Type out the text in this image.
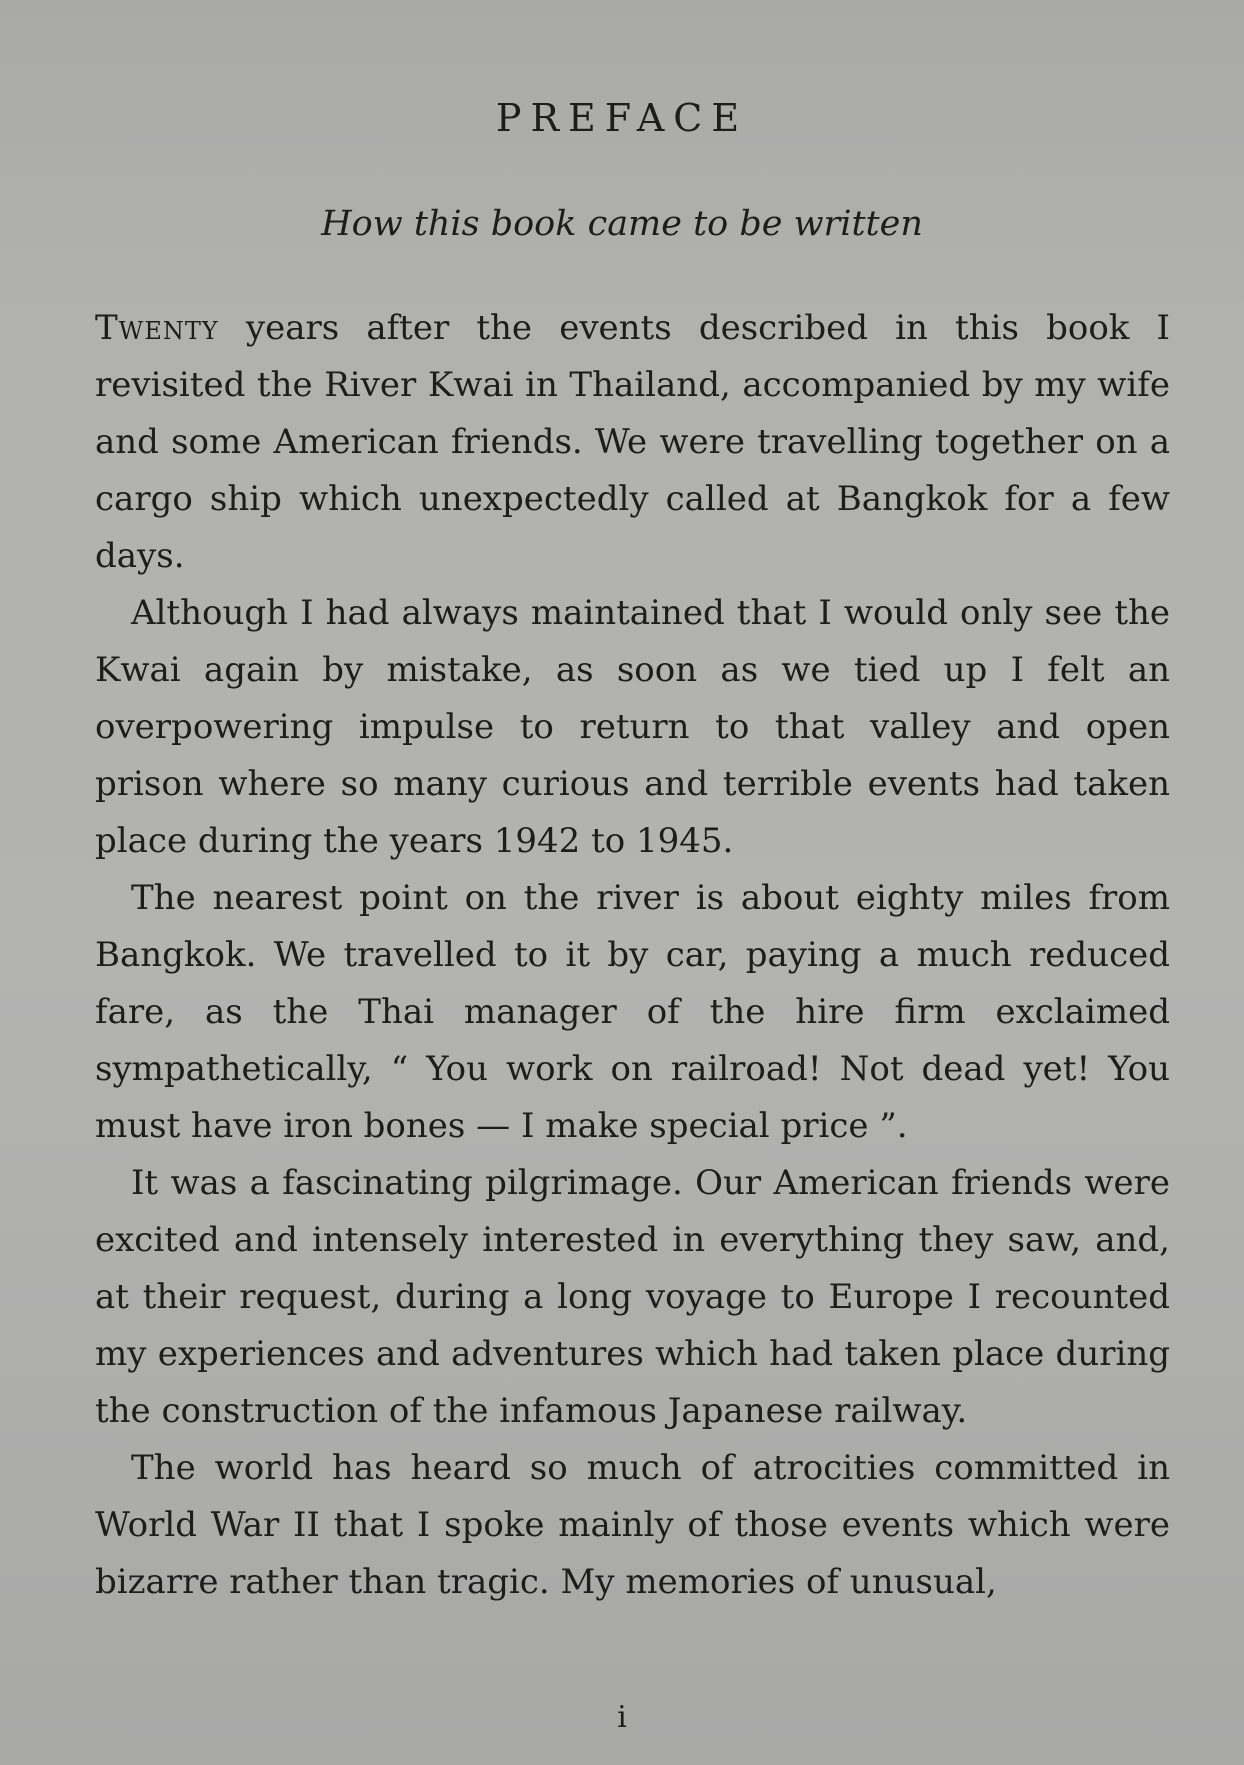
PREFACE
How this book came to be written

Twenty years after the events described in this book I revisited the River Kwai in Thailand, accompanied by my wife and some American friends. We were travelling together on a cargo ship which unexpectedly called at Bangkok for a few days.

Although I had always maintained that I would only see the Kwai again by mistake, as soon as we tied up I felt an overpowering impulse to return to that valley and open prison where so many curious and terrible events had taken place during the years 1942 to 1945.

The nearest point on the river is about eighty miles from Bangkok. We travelled to it by car, paying a much reduced fare, as the Thai manager of the hire firm exclaimed sympathetically, “ You work on railroad! Not dead yet! You must have iron bones — I make special price ”.

It was a fascinating pilgrimage. Our American friends were excited and intensely interested in everything they saw, and, at their request, during a long voyage to Europe I recounted my experiences and adventures which had taken place during the construction of the infamous Japanese railway.

The world has heard so much of atrocities committed in World War II that I spoke mainly of those events which were bizarre rather than tragic. My memories of unusual,

i
